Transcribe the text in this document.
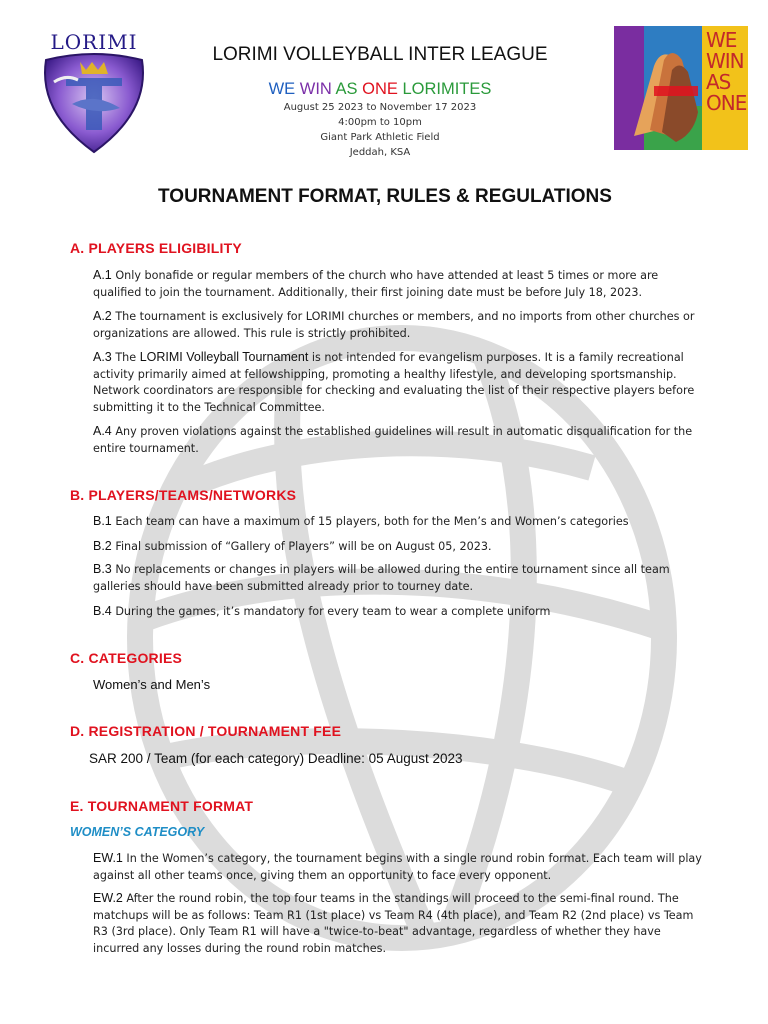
LORIMI	WE
WIN
AS
ONE
LORIMI VOLLEYBALL INTER LEAGUE
WE WIN AS ONE LORIMITES
August 25 2023 to November 17 2023
4:00pm to 10pm
Giant Park Athletic Field
Jeddah, KSA
TOURNAMENT FORMAT, RULES & REGULATIONS
A. PLAYERS ELIGIBILITY
A.1 Only bonafide or regular members of the church who have attended at least 5 times or more are qualified to join the tournament. Additionally, their first joining date must be before July 18, 2023.
A.2 The tournament is exclusively for LORIMI churches or members, and no imports from other churches or organizations are allowed. This rule is strictly prohibited.
A.3 The LORIMI Volleyball Tournament is not intended for evangelism purposes. It is a family recreational activity primarily aimed at fellowshipping, promoting a healthy lifestyle, and developing sportsmanship. Network coordinators are responsible for checking and evaluating the list of their respective players before submitting it to the Technical Committee.
A.4 Any proven violations against the established guidelines will result in automatic disqualification for the entire tournament.
B. PLAYERS/TEAMS/NETWORKS
B.1 Each team can have a maximum of 15 players, both for the Men’s and Women’s categories
B.2 Final submission of “Gallery of Players” will be on August 05, 2023.
B.3 No replacements or changes in players will be allowed during the entire tournament since all team galleries should have been submitted already prior to tourney date.
B.4 During the games, it’s mandatory for every team to wear a complete uniform
C. CATEGORIES
Women’s and Men’s
D. REGISTRATION / TOURNAMENT FEE
SAR 200 / Team (for each category) Deadline: 05 August 2023
E. TOURNAMENT FORMAT
WOMEN’S CATEGORY
EW.1 In the Women’s category, the tournament begins with a single round robin format. Each team will play against all other teams once, giving them an opportunity to face every opponent.
EW.2 After the round robin, the top four teams in the standings will proceed to the semi-final round. The matchups will be as follows: Team R1 (1st place) vs Team R4 (4th place), and Team R2 (2nd place) vs Team R3 (3rd place). Only Team R1 will have a "twice-to-beat" advantage, regardless of whether they have incurred any losses during the round robin matches.
